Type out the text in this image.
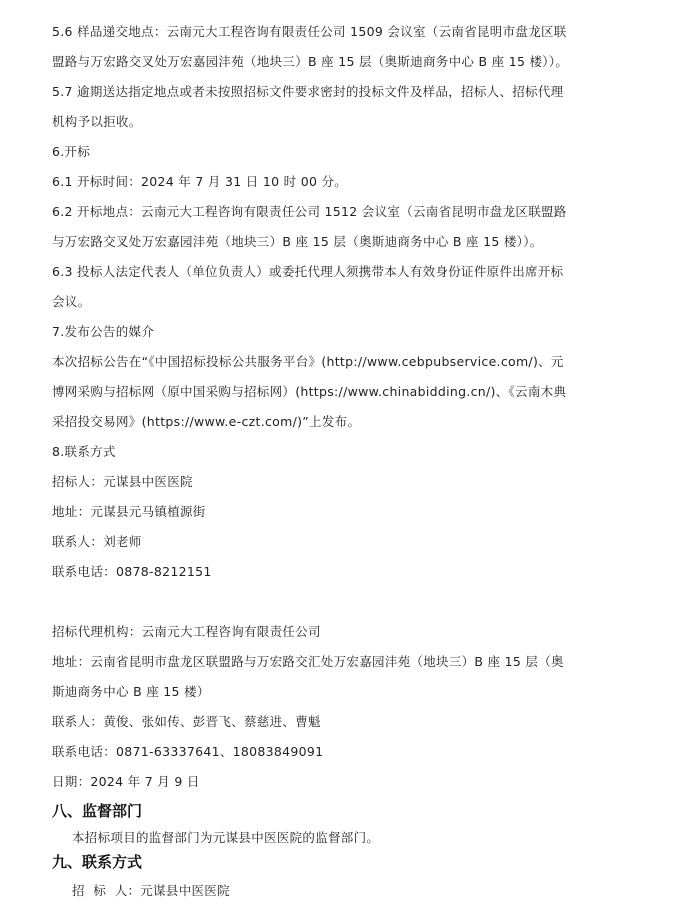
5.6 样品递交地点：云南元大工程咨询有限责任公司 1509 会议室（云南省昆明市盘龙区联
盟路与万宏路交叉处万宏嘉园沣苑（地块三）B 座 15 层（奥斯迪商务中心 B 座 15 楼））。
5.7 逾期送达指定地点或者未按照招标文件要求密封的投标文件及样品，招标人、招标代理
机构予以拒收。
6.开标
6.1 开标时间：2024 年 7 月 31 日 10 时 00 分。
6.2 开标地点：云南元大工程咨询有限责任公司 1512 会议室（云南省昆明市盘龙区联盟路
与万宏路交叉处万宏嘉园沣苑（地块三）B 座 15 层（奥斯迪商务中心 B 座 15 楼））。
6.3 投标人法定代表人（单位负责人）或委托代理人须携带本人有效身份证件原件出席开标
会议。
7.发布公告的媒介
本次招标公告在“《中国招标投标公共服务平台》(http://www.cebpubservice.com/)、元
博网采购与招标网（原中国采购与招标网）(https://www.chinabidding.cn/)、《云南木典
采招投交易网》(https://www.e-czt.com/)”上发布。
8.联系方式
招标人：元谋县中医医院
地址：元谋县元马镇植源街
联系人：刘老师
联系电话：0878-8212151
招标代理机构：云南元大工程咨询有限责任公司
地址：云南省昆明市盘龙区联盟路与万宏路交汇处万宏嘉园沣苑（地块三）B 座 15 层（奥
斯迪商务中心 B 座 15 楼）
联系人：黄俊、张如传、彭晋飞、蔡慈进、曹魁
联系电话：0871-63337641、18083849091
日期：2024 年 7 月 9 日
八、监督部门
本招标项目的监督部门为元谋县中医医院的监督部门。
九、联系方式
招  标  人：元谋县中医医院
